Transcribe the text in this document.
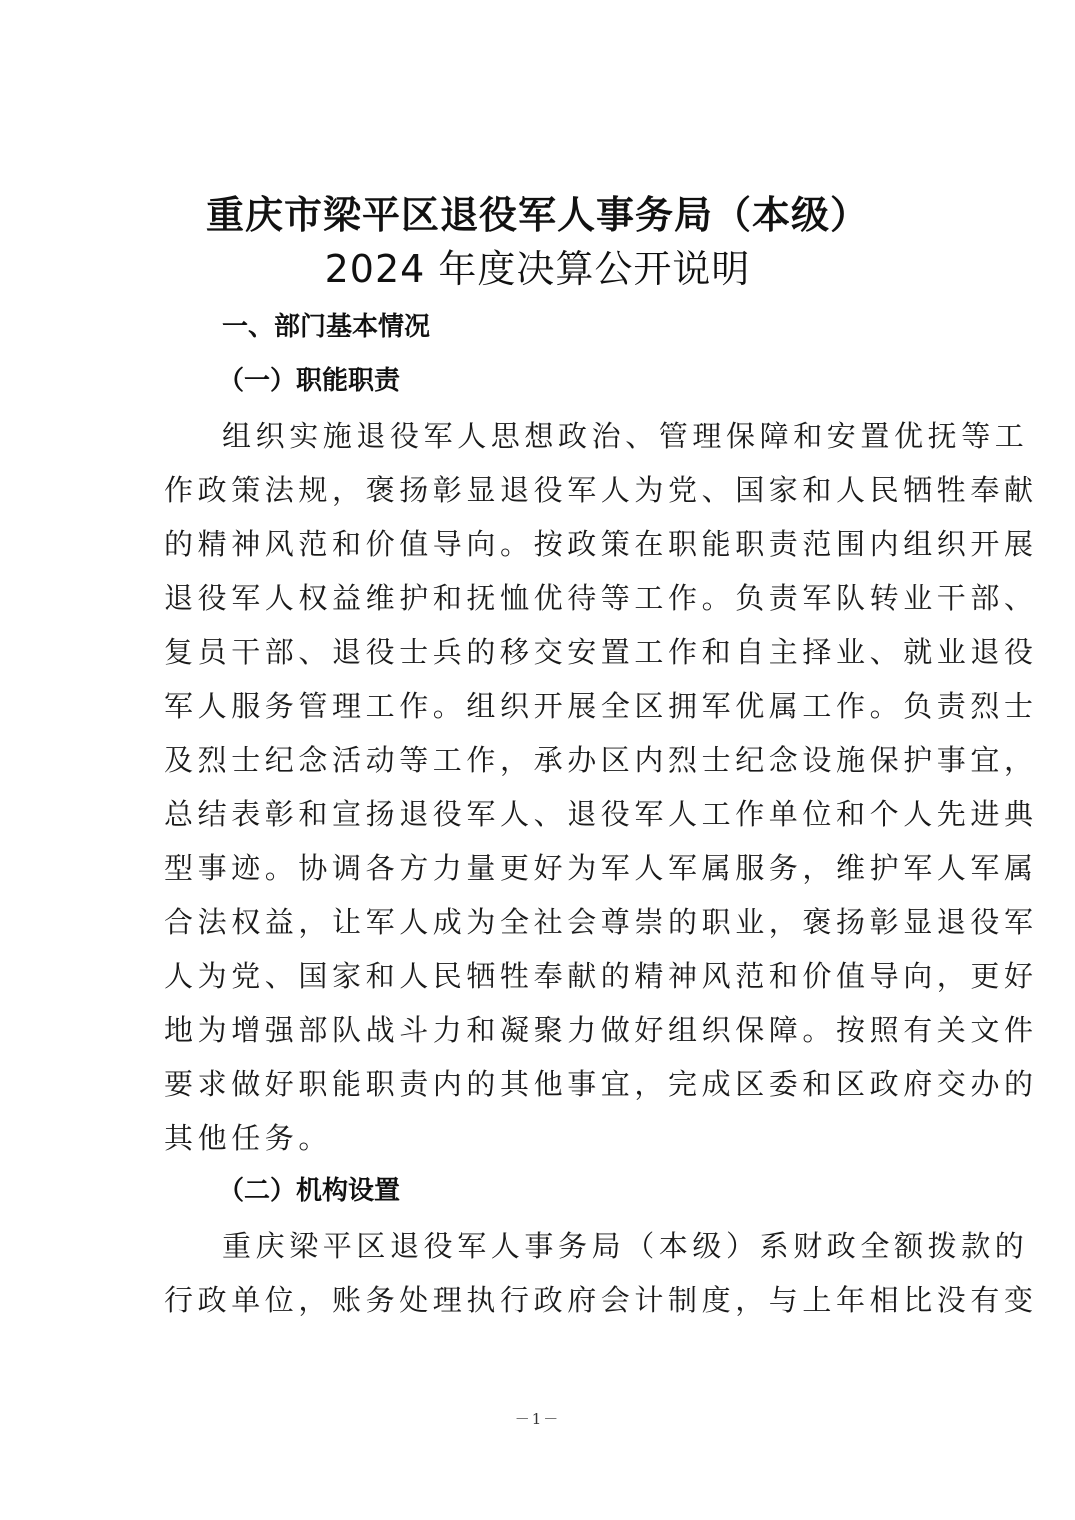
重庆市梁平区退役军人事务局（本级）
2024 年度决算公开说明
一、部门基本情况
（一）职能职责
组织实施退役军人思想政治、管理保障和安置优抚等工
作政策法规，褒扬彰显退役军人为党、国家和人民牺牲奉献
的精神风范和价值导向。按政策在职能职责范围内组织开展
退役军人权益维护和抚恤优待等工作。负责军队转业干部、
复员干部、退役士兵的移交安置工作和自主择业、就业退役
军人服务管理工作。组织开展全区拥军优属工作。负责烈士
及烈士纪念活动等工作，承办区内烈士纪念设施保护事宜，
总结表彰和宣扬退役军人、退役军人工作单位和个人先进典
型事迹。协调各方力量更好为军人军属服务，维护军人军属
合法权益，让军人成为全社会尊崇的职业，褒扬彰显退役军
人为党、国家和人民牺牲奉献的精神风范和价值导向，更好
地为增强部队战斗力和凝聚力做好组织保障。按照有关文件
要求做好职能职责内的其他事宜，完成区委和区政府交办的
其他任务。
（二）机构设置
重庆梁平区退役军人事务局（本级）系财政全额拨款的
行政单位，账务处理执行政府会计制度，与上年相比没有变
－1－
